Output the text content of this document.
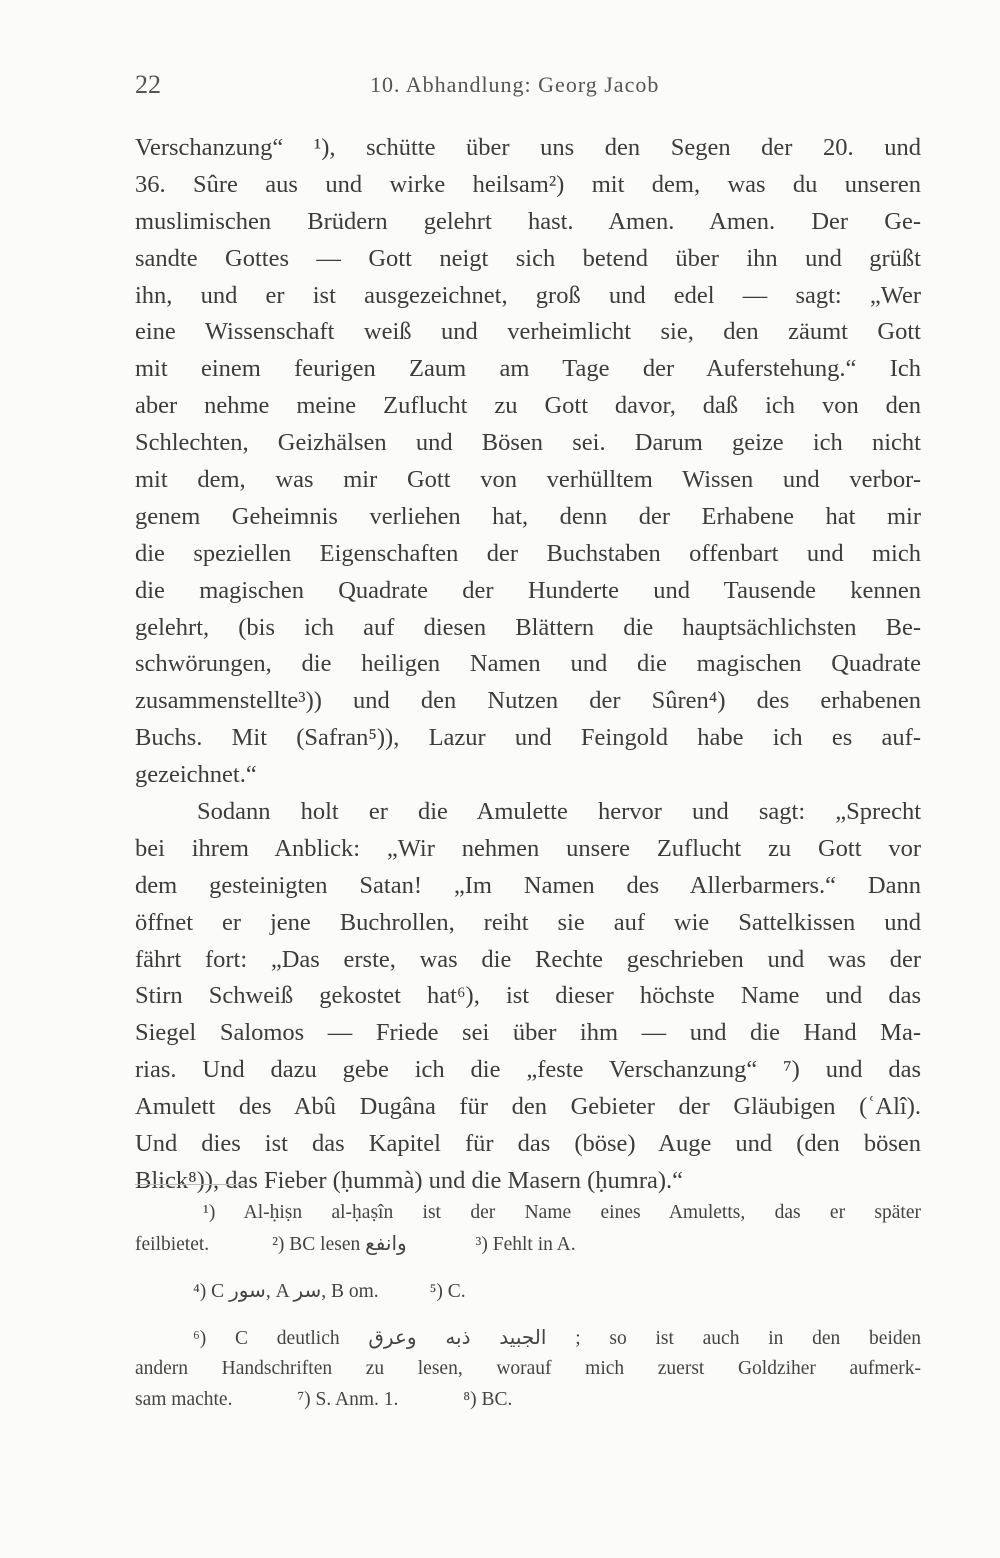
22	10. Abhandlung: Georg Jacob
Verschanzung“ ¹), schütte über uns den Segen der 20. und
36. Sûre aus und wirke heilsam²) mit dem, was du unseren
muslimischen Brüdern gelehrt hast. Amen. Amen. Der Ge-
sandte Gottes — Gott neigt sich betend über ihn und grüßt
ihn, und er ist ausgezeichnet, groß und edel — sagt: „Wer
eine Wissenschaft weiß und verheimlicht sie, den zäumt Gott
mit einem feurigen Zaum am Tage der Auferstehung.“ Ich
aber nehme meine Zuflucht zu Gott davor, daß ich von den
Schlechten, Geizhälsen und Bösen sei. Darum geize ich nicht
mit dem, was mir Gott von verhülltem Wissen und verbor-
genem Geheimnis verliehen hat, denn der Erhabene hat mir
die speziellen Eigenschaften der Buchstaben offenbart und mich
die magischen Quadrate der Hunderte und Tausende kennen
gelehrt, (bis ich auf diesen Blättern die hauptsächlichsten Be-
schwörungen, die heiligen Namen und die magischen Quadrate
zusammenstellte³)) und den Nutzen der Sûren⁴) des erhabenen
Buchs. Mit (Safran⁵)), Lazur und Feingold habe ich es auf-
gezeichnet.“
Sodann holt er die Amulette hervor und sagt: „Sprecht
bei ihrem Anblick: „Wir nehmen unsere Zuflucht zu Gott vor
dem gesteinigten Satan! „Im Namen des Allerbarmers.“ Dann
öffnet er jene Buchrollen, reiht sie auf wie Sattelkissen und
fährt fort: „Das erste, was die Rechte geschrieben und was der
Stirn Schweiß gekostet hat⁶), ist dieser höchste Name und das
Siegel Salomos — Friede sei über ihm — und die Hand Ma-
rias. Und dazu gebe ich die „feste Verschanzung“ ⁷) und das
Amulett des Abû Dugâna für den Gebieter der Gläubigen (ʿAlî).
Und dies ist das Kapitel für das (böse) Auge und (den bösen
Blick⁸)), das Fieber (ḥummà) und die Masern (ḥumra).“
¹) Al-ḥiṣn al-ḥaṣîn ist der Name eines Amuletts, das er später
feilbietet.	²) BC lesen وانفع	³) Fehlt in A.
⁴) C سور, A سر, B om.	⁵) C.
⁶) C deutlich	الجبيد ذبه وعرق	; so ist auch in den beiden
andern Handschriften zu lesen, worauf mich zuerst Goldziher aufmerk-
sam machte.	⁷) S. Anm. 1.	⁸) BC.
